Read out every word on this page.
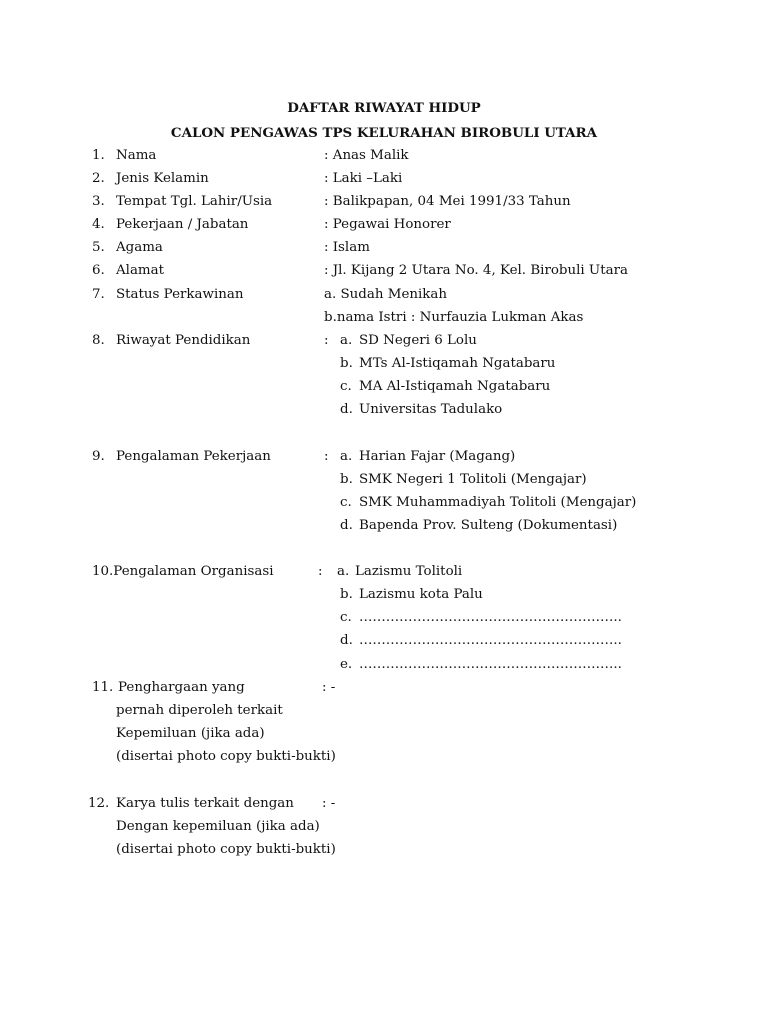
DAFTAR RIWAYAT HIDUP
CALON PENGAWAS TPS KELURAHAN BIROBULI UTARA
1. Nama	: Anas Malik
2. Jenis Kelamin	: Laki –Laki
3. Tempat Tgl. Lahir/Usia	: Balikpapan, 04 Mei 1991/33 Tahun
4. Pekerjaan / Jabatan	: Pegawai Honorer
5. Agama	: Islam
6. Alamat	: Jl. Kijang 2 Utara No. 4, Kel. Birobuli Utara
7. Status Perkawinan	a. Sudah Menikah
b.nama Istri : Nurfauzia Lukman Akas
8. Riwayat Pendidikan	: a. SD Negeri 6 Lolu
b. MTs Al-Istiqamah Ngatabaru
c. MA Al-Istiqamah Ngatabaru
d. Universitas Tadulako
9. Pengalaman Pekerjaan	: a. Harian Fajar (Magang)
b. SMK Negeri 1 Tolitoli (Mengajar)
c. SMK Muhammadiyah Tolitoli (Mengajar)
d. Bapenda Prov. Sulteng (Dokumentasi)
10.Pengalaman Organisasi	: a. Lazismu Tolitoli
b. Lazismu kota Palu
c. …………………………………………………..
d. …………………………………………………..
e. …………………………………………………..
11. Penghargaan yang	: -
pernah diperoleh terkait
Kepemiluan (jika ada)
(disertai photo copy bukti-bukti)
12. Karya tulis terkait dengan : -
Dengan kepemiluan (jika ada)
(disertai photo copy bukti-bukti)
